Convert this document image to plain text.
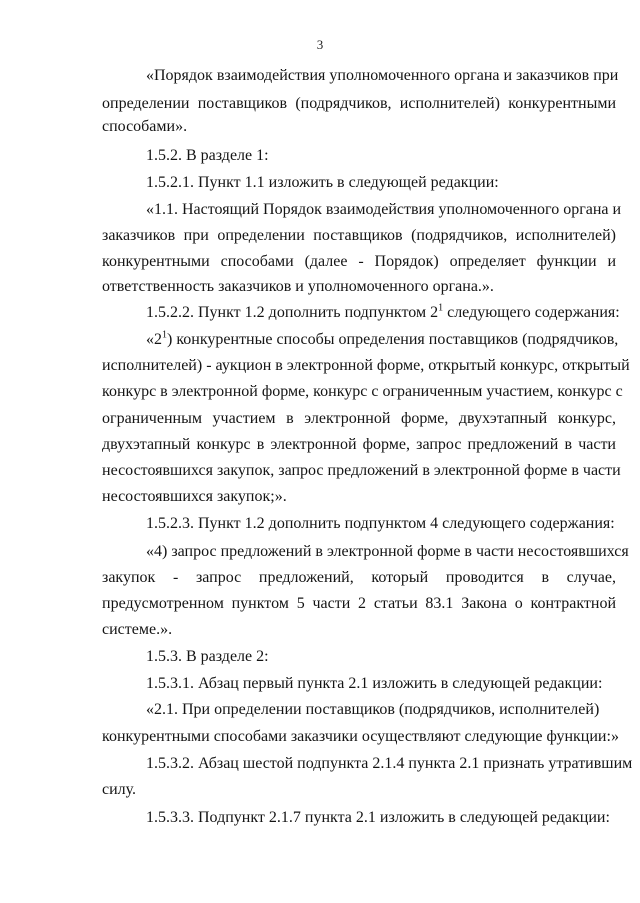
3
«Порядок взаимодействия уполномоченного органа и заказчиков при
определении поставщиков (подрядчиков, исполнителей) конкурентными
способами».
1.5.2. В разделе 1:
1.5.2.1. Пункт 1.1 изложить в следующей редакции:
«1.1. Настоящий Порядок взаимодействия уполномоченного органа и
заказчиков при определении поставщиков (подрядчиков, исполнителей)
конкурентными способами (далее - Порядок) определяет функции и
ответственность заказчиков и уполномоченного органа.».
1.5.2.2. Пункт 1.2 дополнить подпунктом $2^1$ следующего содержания:
«$2^1$) конкурентные способы определения поставщиков (подрядчиков,
исполнителей) - аукцион в электронной форме, открытый конкурс, открытый
конкурс в электронной форме, конкурс с ограниченным участием, конкурс с
ограниченным участием в электронной форме, двухэтапный конкурс,
двухэтапный конкурс в электронной форме, запрос предложений в части
несостоявшихся закупок, запрос предложений в электронной форме в части
несостоявшихся закупок;».
1.5.2.3. Пункт 1.2 дополнить подпунктом 4 следующего содержания:
«4) запрос предложений в электронной форме в части несостоявшихся
закупок - запрос предложений, который проводится в случае,
предусмотренном пунктом 5 части 2 статьи 83.1 Закона о контрактной
системе.».
1.5.3. В разделе 2:
1.5.3.1. Абзац первый пункта 2.1 изложить в следующей редакции:
«2.1. При определении поставщиков (подрядчиков, исполнителей)
конкурентными способами заказчики осуществляют следующие функции:»
1.5.3.2. Абзац шестой подпункта 2.1.4 пункта 2.1 признать утратившим
силу.
1.5.3.3. Подпункт 2.1.7 пункта 2.1 изложить в следующей редакции:
